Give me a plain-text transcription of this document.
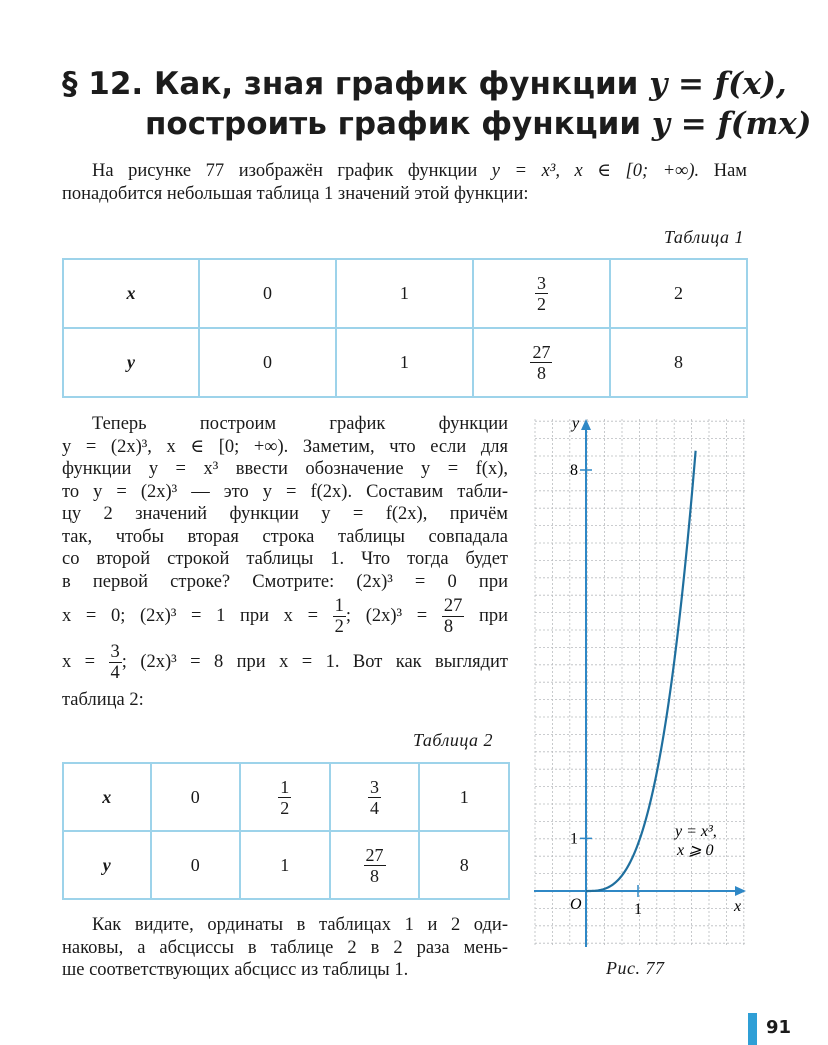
§ 12. Как, зная график функции y = f(x),
построить график функции y = f(mx)
На рисунке 77 изображён график функции y = x³, x ∈ [0; +∞). Нам
понадобится небольшая таблица 1 значений этой функции:
Таблица 1
x	0	1	$\frac{3}{2}$	2
y	0	1	$\frac{27}{8}$	8
Теперь построим график функции
y = (2x)³, x ∈ [0; +∞). Заметим, что если для
функции y = x³ ввести обозначение y = f(x),
то y = (2x)³ — это y = f(2x). Составим табли-
цу 2 значений функции y = f(2x), причём
так, чтобы вторая строка таблицы совпадала
со второй строкой таблицы 1. Что тогда будет
в первой строке? Смотрите: (2x)³ = 0 при
x = 0; (2x)³ = 1 при $x = \frac{1}{2}$ ; $(2x)^3 = \frac{27}{8}$ при
$x = \frac{3}{4}$ ; (2x)³ = 8 при x = 1. Вот как выглядит
таблица 2:
Таблица 2
x	0	$\frac{1}{2}$	$\frac{3}{4}$	1
y	0	1	$\frac{27}{8}$	8
Как видите, ординаты в таблицах 1 и 2 оди-
наковы, а абсциссы в таблице 2 в 2 раза мень-
ше соответствующих абсцисс из таблицы 1.
O	1
1
8
y
x
y = x³,
x ⩾ 0
Рис. 77
91
